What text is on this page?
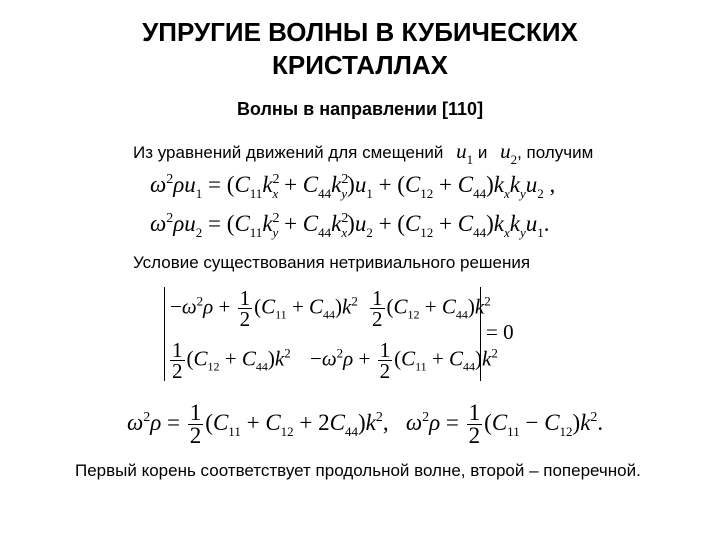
УПРУГИЕ ВОЛНЫ В КУБИЧЕСКИХ
КРИСТАЛЛАХ
Волны в направлении [110]
Из уравнений движений для смещений $u_1$ и $u_2$, получим
$\omega^2\rho u_1 = (C_{11}k^2_x + C_{44}k^2_y)u_1 + (C_{12} + C_{44})k_xk_yu_2$ ,
$\omega^2\rho u_2 = (C_{11}k^2_y + C_{44}k^2_x)u_2 + (C_{12} + C_{44})k_xk_yu_1$.
Условие существования нетривиального решения
$-\omega^2\rho + \frac{1}{2} (C_{11} + C_{44})k^2 \frac{1}{2} (C_{12} + C_{44})k^2$
$\frac{1}{2} (C_{12} + C_{44})k^2 -\omega^2\rho + \frac{1}{2} (C_{11} + C_{44})k^2$
= 0
$\omega^2\rho = \frac{1}{2} (C_{11} + C_{12} + 2C_{44})k^2$,   $\omega^2\rho = \frac{1}{2} (C_{11} - C_{12})k^2$.
Первый корень соответствует продольной волне, второй – поперечной.
